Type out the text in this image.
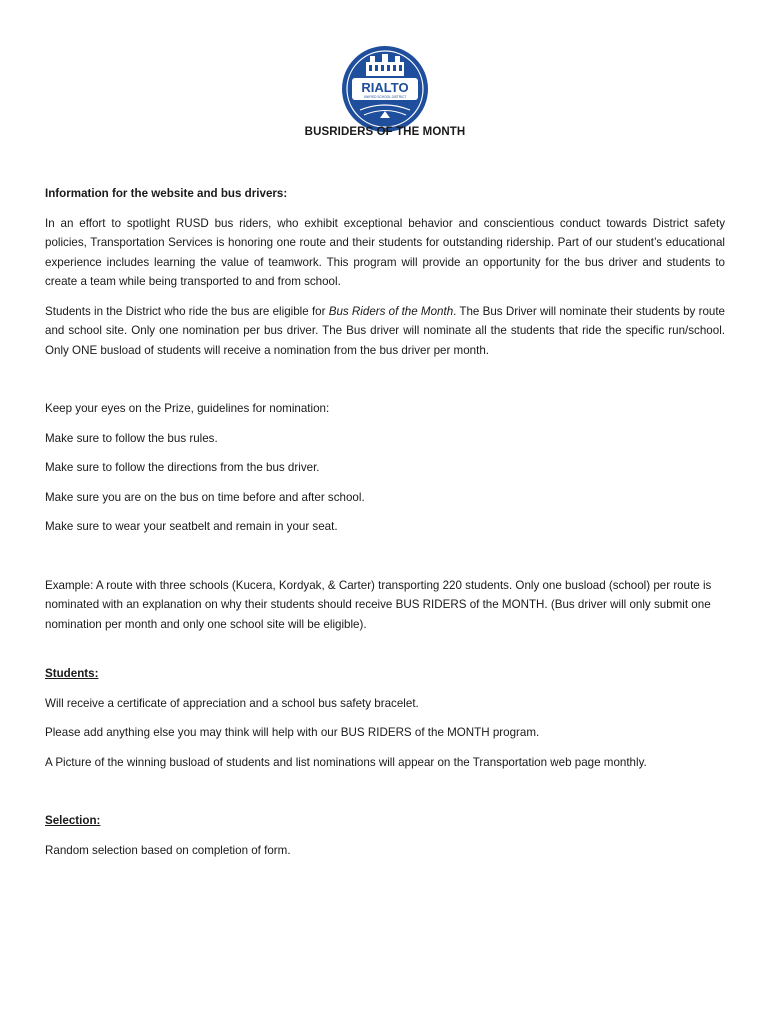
RIALTO
UNIFIED SCHOOL DISTRICT
BUSRIDERS OF THE MONTH
Information for the website and bus drivers:
In an effort to spotlight RUSD bus riders, who exhibit exceptional behavior and conscientious conduct towards District safety policies, Transportation Services is honoring one route and their students for outstanding ridership. Part of our student’s educational experience includes learning the value of teamwork. This program will provide an opportunity for the bus driver and students to create a team while being transported to and from school.
Students in the District who ride the bus are eligible for Bus Riders of the Month. The Bus Driver will nominate their students by route and school site. Only one nomination per bus driver. The Bus driver will nominate all the students that ride the specific run/school. Only ONE busload of students will receive a nomination from the bus driver per month.
Keep your eyes on the Prize, guidelines for nomination:
Make sure to follow the bus rules.
Make sure to follow the directions from the bus driver.
Make sure you are on the bus on time before and after school.
Make sure to wear your seatbelt and remain in your seat.
Example: A route with three schools (Kucera, Kordyak, & Carter) transporting 220 students. Only one busload (school) per route is nominated with an explanation on why their students should receive BUS RIDERS of the MONTH. (Bus driver will only submit one nomination per month and only one school site will be eligible).
Students:
Will receive a certificate of appreciation and a school bus safety bracelet.
Please add anything else you may think will help with our BUS RIDERS of the MONTH program.
A Picture of the winning busload of students and list nominations will appear on the Transportation web page monthly.
Selection:
Random selection based on completion of form.
